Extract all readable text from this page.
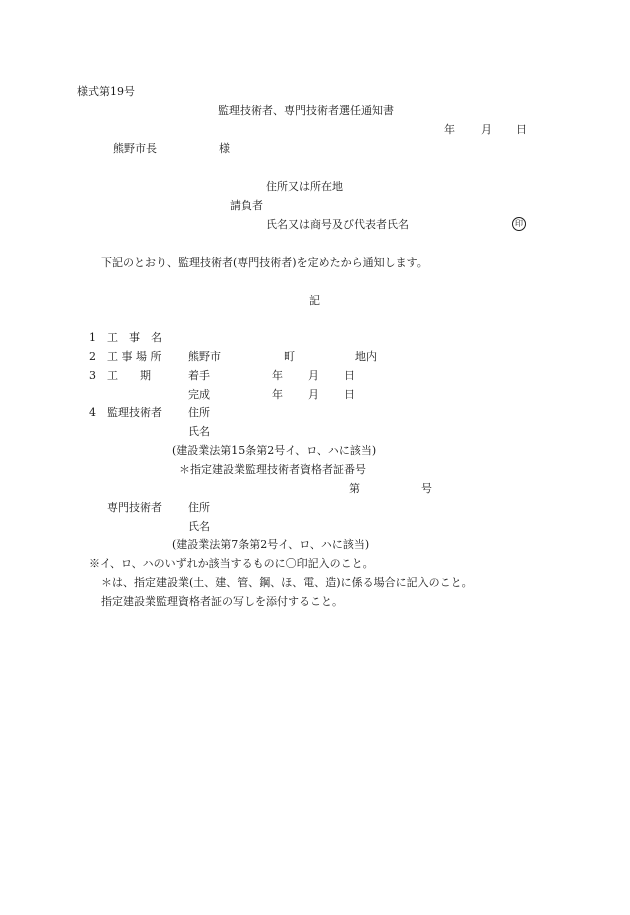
様式第19号
監理技術者、専門技術者選任通知書
年 月 日
熊野市長	様
住所又は所在地
請負者
氏名又は商号及び代表者氏名	印
下記のとおり、監理技術者(専門技術者)を定めたから通知します。
記
1 工　事　名
2 工 事 場 所 熊野市	町	地内
3 工　　期	着手	年 月 日
完成	年 月 日
4 監理技術者 住所
氏名
(建設業法第15条第2号イ、ロ、ハに該当)
＊指定建設業監理技術者資格者証番号
第	号
専門技術者 住所
氏名
(建設業法第7条第2号イ、ロ、ハに該当)
※イ、ロ、ハのいずれか該当するものに〇印記入のこと。
＊は、指定建設業(土、建、管、鋼、ほ、電、造)に係る場合に記入のこと。
指定建設業監理資格者証の写しを添付すること。
